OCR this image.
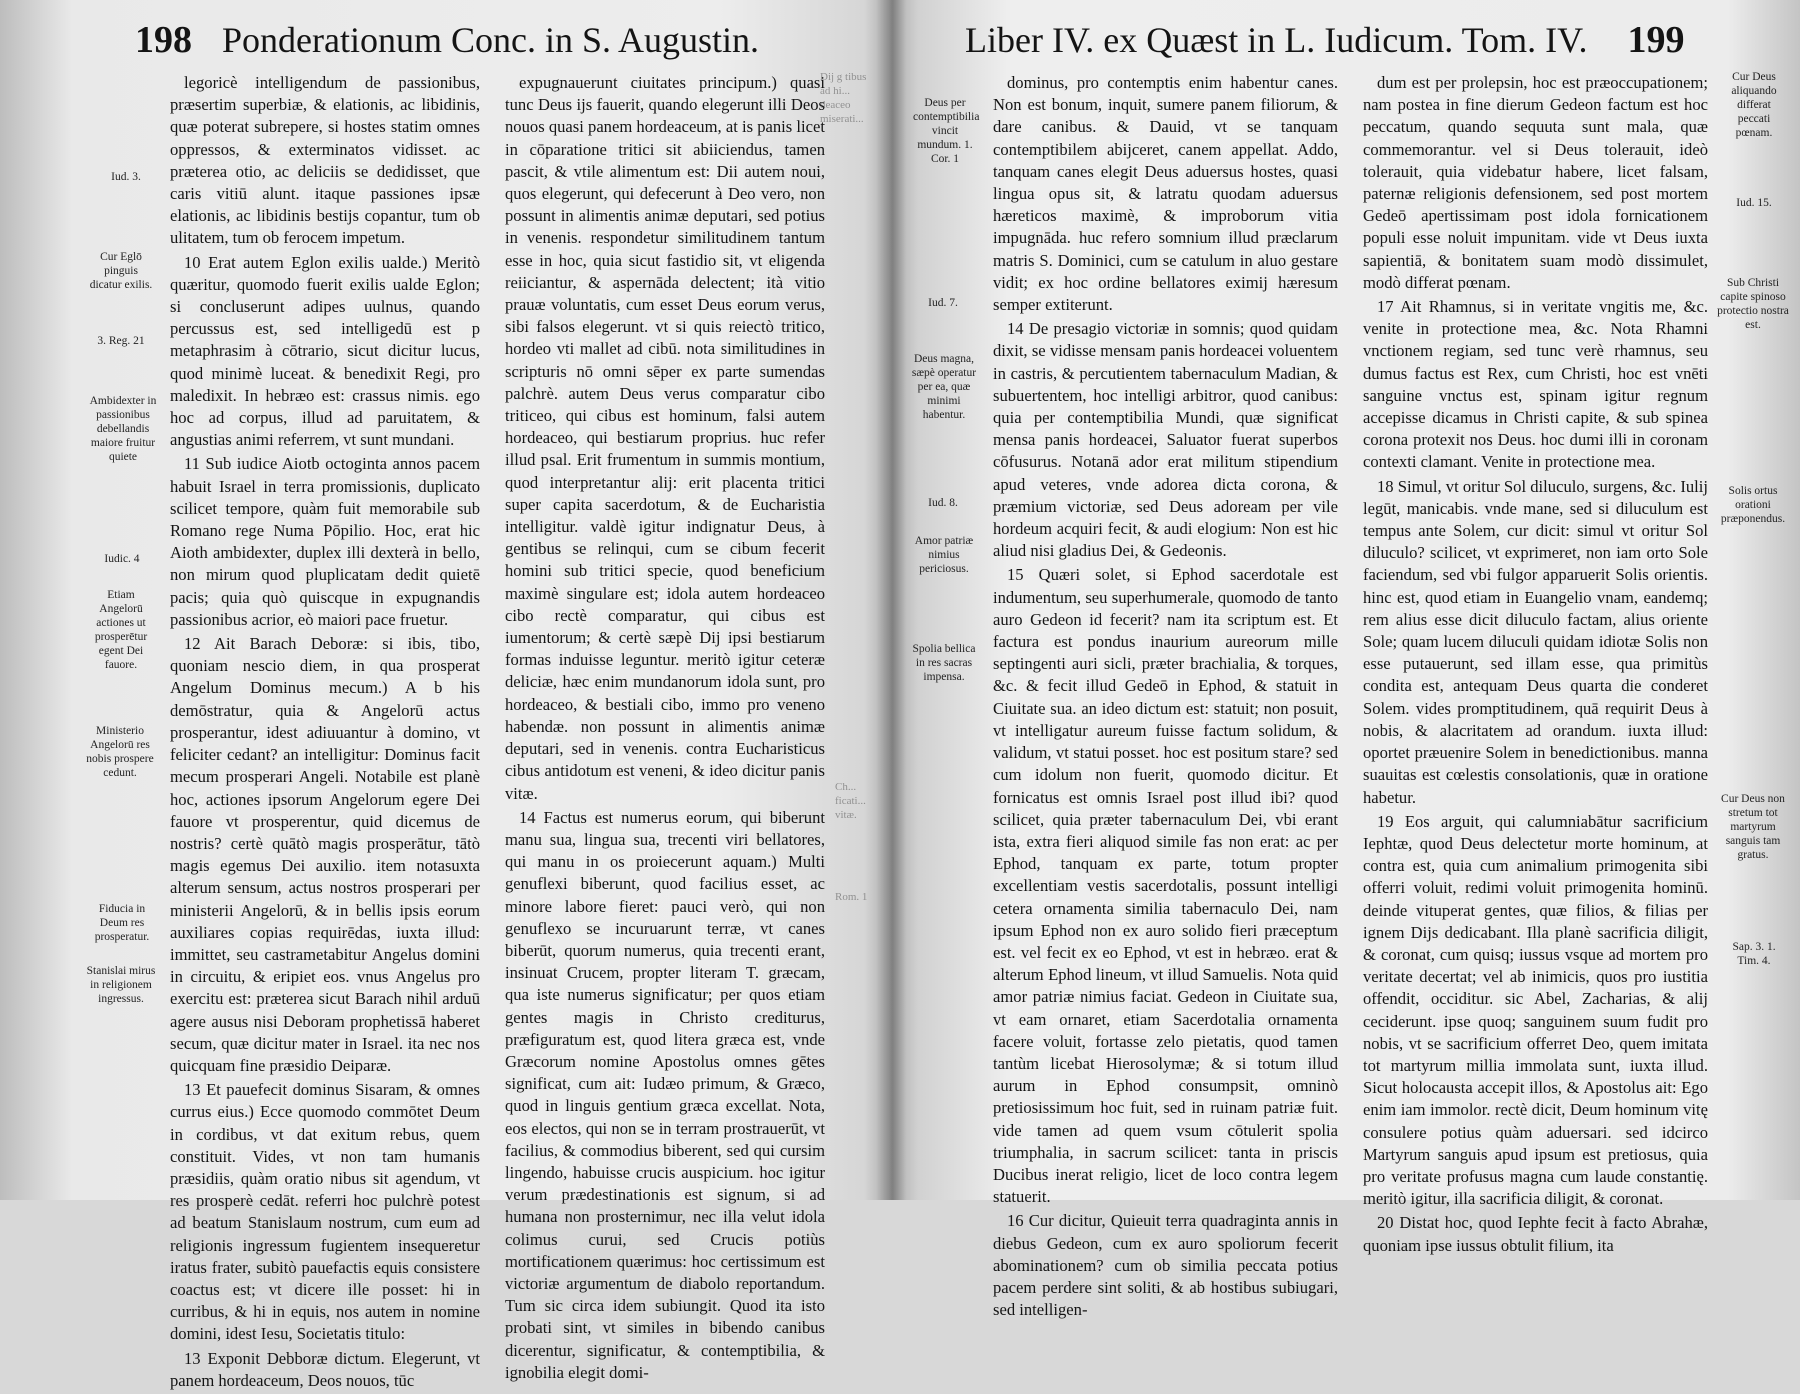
198 Ponderationum Conc. in S. Augustin.
Iud. 3.
Cur Eglō pinguis dicatur exilis.
3. Reg. 21
Ambidexter in passionibus debellandis maiore fruitur quiete
Iudic. 4
Etiam Angelorū actiones ut prosperētur egent Dei fauore.
Ministerio Angelorū res nobis prospere cedunt.
Fiducia in Deum res prosperatur.
Stanislai mirus in religionem ingressus.

legoricè intelligendum de passionibus, præsertim superbiæ, & elationis, ac libidinis, quæ poterat subrepere, si hostes statim omnes oppressos, & exterminatos vidisset. ac præterea otio, ac deliciis se dedidisset, que caris vitiū alunt. itaque passiones ipsæ elationis, ac libidinis bestijs copantur, tum ob ulitatem, tum ob ferocem impetum.

10 Erat autem Eglon exilis ualde.) Meritò quæritur, quomodo fuerit exilis ualde Eglon; si concluserunt adipes uulnus, quando percussus est, sed intelligedū est p metaphrasim à cōtrario, sicut dicitur lucus, quod minimè luceat. & benedixit Regi, pro maledixit. In hebræo est: crassus nimis. ego hoc ad corpus, illud ad paruitatem, & angustias animi referrem, vt sunt mundani.

11 Sub iudice Aiotb octoginta annos pacem habuit Israel in terra promissionis, duplicato scilicet tempore, quàm fuit memorabile sub Romano rege Numa Pōpilio. Hoc, erat hic Aioth ambidexter, duplex illi dexterà in bello, non mirum quod pluplicatam dedit quietē pacis; quia quò quiscque in expugnandis passionibus acrior, eò maiori pace fruetur.

12 Ait Barach Deboræ: si ibis, tibo, quoniam nescio diem, in qua prosperat Angelum Dominus mecum.) A b his demōstratur, quia & Angelorū actus prosperantur, idest adiuuantur à domino, vt feliciter cedant? an intelligitur: Dominus facit mecum prosperari Angeli. Notabile est planè hoc, actiones ipsorum Angelorum egere Dei fauore vt prosperentur, quid dicemus de nostris? certè quātò magis prosperātur, tātò magis egemus Dei auxilio. item notasuxta alterum sensum, actus nostros prosperari per ministerii Angelorū, & in bellis ipsis eorum auxiliares copias requirēdas, iuxta illud: immittet, seu castrametabitur Angelus domini in circuitu, & eripiet eos. vnus Angelus pro exercitu est: præterea sicut Barach nihil arduū agere ausus nisi Deboram prophetissā haberet secum, quæ dicitur mater in Israel. ita nec nos quicquam fine præsidio Deiparæ.

13 Et pauefecit dominus Sisaram, & omnes currus eius.) Ecce quomodo commōtet Deum in cordibus, vt dat exitum rebus, quem constituit. Vides, vt non tam humanis præsidiis, quàm oratio nibus sit agendum, vt res prosperè cedāt. referri hoc pulchrè potest ad beatum Stanislaum nostrum, cum eum ad religionis ingressum fugientem insequeretur iratus frater, subitò pauefactis equis consistere coactus est; vt dicere ille posset: hi in curribus, & hi in equis, nos autem in nomine domini, idest Iesu, Societatis titulo:

13 Exponit Debboræ dictum. Elegerunt, vt panem hordeaceum, Deos nouos, tūc

expugnauerunt ciuitates principum.) quasi tunc Deus ijs fauerit, quando elegerunt illi Deos nouos quasi panem hordeaceum, at is panis licet in cōparatione tritici sit abiiciendus, tamen pascit, & vtile alimentum est: Dii autem noui, quos elegerunt, qui defecerunt à Deo vero, non possunt in alimentis animæ deputari, sed potius in venenis. respondetur similitudinem tantum esse in hoc, quia sicut fastidio sit, vt eligenda reiiciantur, & aspernāda delectent; ità vitio prauæ voluntatis, cum esset Deus eorum verus, sibi falsos elegerunt. vt si quis reiectò tritico, hordeo vti mallet ad cibū. nota similitudines in scripturis nō omni sēper ex parte sumendas palchrè. autem Deus verus comparatur cibo triticeo, qui cibus est hominum, falsi autem hordeaceo, qui bestiarum proprius. huc refer illud psal. Erit frumentum in summis montium, quod interpretantur alij: erit placenta tritici super capita sacerdotum, & de Eucharistia intelligitur. valdè igitur indignatur Deus, à gentibus se relinqui, cum se cibum fecerit homini sub tritici specie, quod beneficium maximè singulare est; idola autem hordeaceo cibo rectè comparatur, qui cibus est iumentorum; & certè sæpè Dij ipsi bestiarum formas induisse leguntur. meritò igitur ceteræ deliciæ, hæc enim mundanorum idola sunt, pro hordeaceo, & bestiali cibo, immo pro veneno habendæ. non possunt in alimentis animæ deputari, sed in venenis. contra Eucharisticus cibus antidotum est veneni, & ideo dicitur panis vitæ.

14 Factus est numerus eorum, qui biberunt manu sua, lingua sua, trecenti viri bellatores, qui manu in os proiecerunt aquam.) Multi genuflexi biberunt, quod facilius esset, ac minore labore fieret: pauci verò, qui non genuflexo se incuruarunt terræ, vt canes biberūt, quorum numerus, quia trecenti erant, insinuat Crucem, propter literam T. græcam, qua iste numerus significatur; per quos etiam gentes magis in Christo crediturus, præfiguratum est, quod litera græca est, vnde Græcorum nomine Apostolus omnes gētes significat, cum ait: Iudæo primum, & Græco, quod in linguis gentium græca excellat. Nota, eos electos, qui non se in terram prostrauerūt, vt facilius, & commodius biberent, sed qui cursim lingendo, habuisse crucis auspicium. hoc igitur verum prædestinationis est signum, si ad humana non prosternimur, nec illa velut idola colimus curui, sed Crucis potiùs mortificationem quærimus: hoc certissimum est victoriæ argumentum de diabolo reportandum. Tum sic circa idem subiungit. Quod ita isto probati sint, vt similes in bibendo canibus dicerentur, significatur, & contemptibilia, & ignobilia elegit domi-

Dij g tibus ad hi... deaceo miserati...
Liber IV. ex Quæst in L. Iudicum. Tom. IV. 199
Deus per contemptibilia vincit mundum. 1. Cor. 1
Iud. 7.
Deus magna, sæpè operatur per ea, quæ minimi habentur.
Iud. 8.
Amor patriæ nimius periciosus.
Spolia bellica in res sacras impensa.
Cur Deus aliquando differat peccati pœnam.
Iud. 15.
Sub Christi capite spinoso protectio nostra est.
Solis ortus orationi præponendus.
Cur Deus non stretum tot martyrum sanguis tam gratus.
Sap. 3. 1. Tim. 4.

dominus, pro contemptis enim habentur canes. Non est bonum, inquit, sumere panem filiorum, & dare canibus. & Dauid, vt se tanquam contemptibilem abijceret, canem appellat. Addo, tanquam canes elegit Deus aduersus hostes, quasi lingua opus sit, & latratu quodam aduersus hæreticos maximè, & improborum vitia impugnāda. huc refero somnium illud præclarum matris S. Dominici, cum se catulum in aluo gestare vidit; ex hoc ordine bellatores eximij hæresum semper extiterunt.

14 De presagio victoriæ in somnis; quod quidam dixit, se vidisse mensam panis hordeacei voluentem in castris, & percutientem tabernaculum Madian, & subuertentem, hoc intelligi arbitror, quod canibus: quia per contemptibilia Mundi, quæ significat mensa panis hordeacei, Saluator fuerat superbos cōfusurus. Notanā ador erat militum stipendium apud veteres, vnde adorea dicta corona, & præmium victoriæ, sed Deus adoream per vile hordeum acquiri fecit, & audi elogium: Non est hic aliud nisi gladius Dei, & Gedeonis.

15 Quæri solet, si Ephod sacerdotale est indumentum, seu superhumerale, quomodo de tanto auro Gedeon id fecerit? nam ita scriptum est. Et factura est pondus inaurium aureorum mille septingenti auri sicli, præter brachialia, & torques, &c. & fecit illud Gedeō in Ephod, & statuit in Ciuitate sua. an ideo dictum est: statuit; non posuit, vt intelligatur aureum fuisse factum solidum, & validum, vt statui posset. hoc est positum stare? sed cum idolum non fuerit, quomodo dicitur. Et fornicatus est omnis Israel post illud ibi? quod scilicet, quia præter tabernaculum Dei, vbi erant ista, extra fieri aliquod simile fas non erat: ac per Ephod, tanquam ex parte, totum propter excellentiam vestis sacerdotalis, possunt intelligi cetera ornamenta similia tabernaculo Dei, nam ipsum Ephod non ex auro solido fieri præceptum est. vel fecit ex eo Ephod, vt est in hebræo. erat & alterum Ephod lineum, vt illud Samuelis. Nota quid amor patriæ nimius faciat. Gedeon in Ciuitate sua, vt eam ornaret, etiam Sacerdotalia ornamenta facere voluit, fortasse zelo pietatis, quod tamen tantùm licebat Hierosolymæ; & si totum illud aurum in Ephod consumpsit, omninò pretiosissimum hoc fuit, sed in ruinam patriæ fuit. vide tamen ad quem vsum cōtulerit spolia triumphalia, in sacrum scilicet: tanta in priscis Ducibus inerat religio, licet de loco contra legem statuerit.

16 Cur dicitur, Quieuit terra quadraginta annis in diebus Gedeon, cum ex auro spoliorum fecerit abominationem? cum ob similia peccata potius pacem perdere sint soliti, & ab hostibus subiugari, sed intelligen-

dum est per prolepsin, hoc est præoccupationem; nam postea in fine dierum Gedeon factum est hoc peccatum, quando sequuta sunt mala, quæ commemorantur. vel si Deus tolerauit, ideò tolerauit, quia videbatur habere, licet falsam, paternæ religionis defensionem, sed post mortem Gedeō apertissimam post idola fornicationem populi esse noluit impunitam. vide vt Deus iuxta sapientiā, & bonitatem suam modò dissimulet, modò differat pœnam.

17 Ait Rhamnus, si in veritate vngitis me, &c. venite in protectione mea, &c. Nota Rhamni vnctionem regiam, sed tunc verè rhamnus, seu dumus factus est Rex, cum Christi, hoc est vnēti sanguine vnctus est, spinam igitur regnum accepisse dicamus in Christi capite, & sub spinea corona protexit nos Deus. hoc dumi illi in coronam contexti clamant. Venite in protectione mea.

18 Simul, vt oritur Sol diluculo, surgens, &c. Iulij legūt, manicabis. vnde mane, sed si diluculum est tempus ante Solem, cur dicit: simul vt oritur Sol diluculo? scilicet, vt exprimeret, non iam orto Sole faciendum, sed vbi fulgor apparuerit Solis orientis. hinc est, quod etiam in Euangelio vnam, eandemq; rem alius esse dicit diluculo factam, alius oriente Sole; quam lucem diluculi quidam idiotæ Solis non esse putauerunt, sed illam esse, qua primitùs condita est, antequam Deus quarta die conderet Solem. vides promptitudinem, quā requirit Deus à nobis, & alacritatem ad orandum. iuxta illud: oportet præuenire Solem in benedictionibus. manna suauitas est cœlestis consolationis, quæ in oratione habetur.

19 Eos arguit, qui calumniabātur sacrificium Iephtæ, quod Deus delectetur morte hominum, at contra est, quia cum animalium primogenita sibi offerri voluit, redimi voluit primogenita hominū. deinde vituperat gentes, quæ filios, & filias per ignem Dijs dedicabant. Illa planè sacrificia diligit, & coronat, cum quisq; iussus vsque ad mortem pro veritate decertat; vel ab inimicis, quos pro iustitia offendit, occiditur. sic Abel, Zacharias, & alij ceciderunt. ipse quoq; sanguinem suum fudit pro nobis, vt se sacrificium offerret Deo, quem imitata tot martyrum millia immolata sunt, iuxta illud. Sicut holocausta accepit illos, & Apostolus ait: Ego enim iam immolor. rectè dicit, Deum hominum vitę consulere potius quàm aduersari. sed idcirco Martyrum sanguis apud ipsum est pretiosus, quia pro veritate profusus magna cum laude constantię. meritò igitur, illa sacrificia diligit, & coronat.

20 Distat hoc, quod Iephte fecit à facto Abrahæ, quoniam ipse iussus obtulit filium, ita

Ch... ficati... vitæ.
Rom. 1
